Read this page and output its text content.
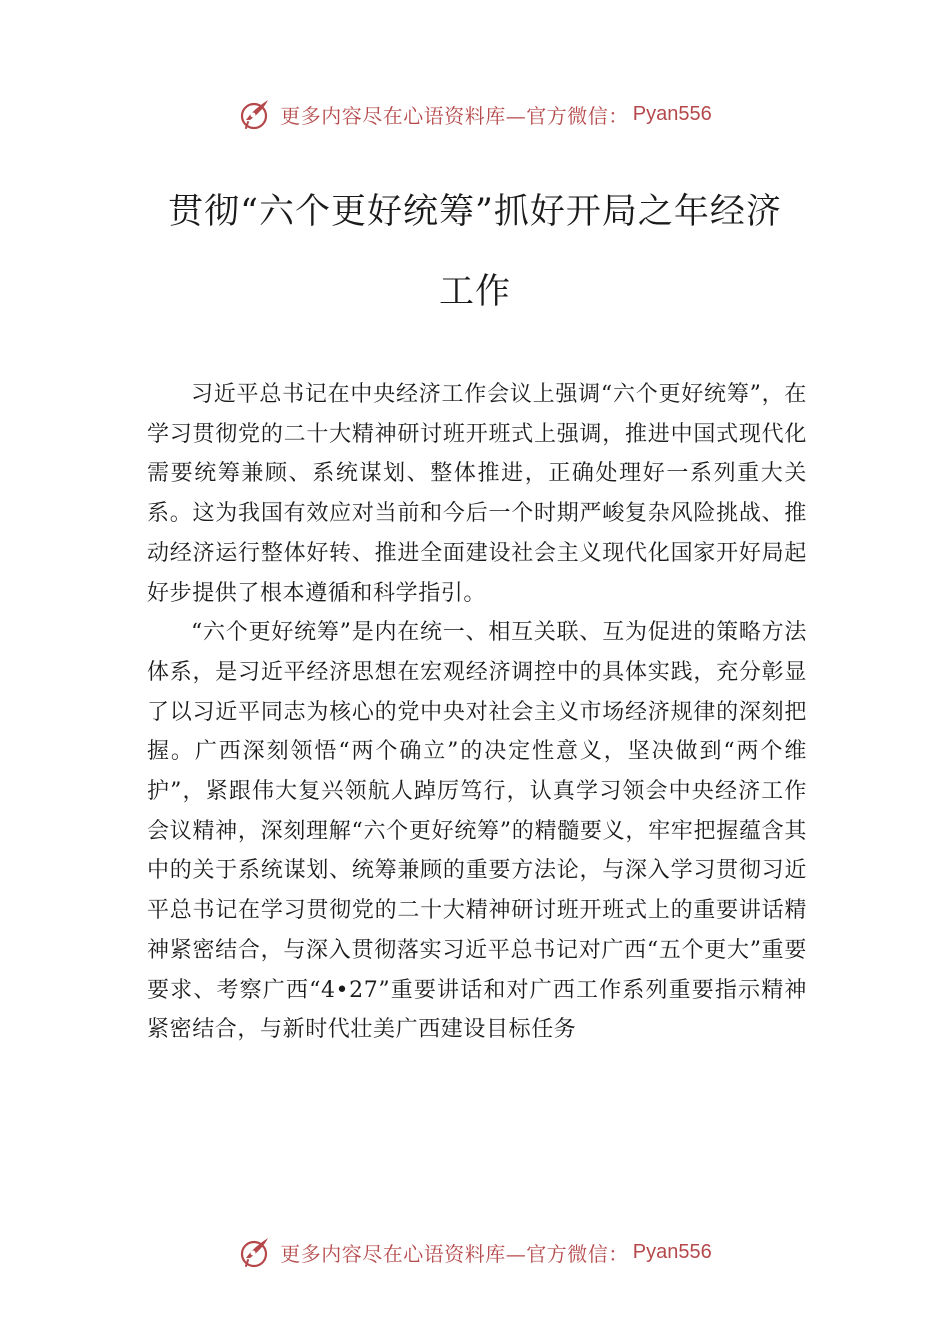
更多内容尽在心语资料库—官方微信： Pyan556
贯彻“六个更好统筹”抓好开局之年经济
工作

习近平总书记在中央经济工作会议上强调“六个更好统筹”，在学习贯彻党的二十大精神研讨班开班式上强调，推进中国式现代化需要统筹兼顾、系统谋划、整体推进，正确处理好一系列重大关系。这为我国有效应对当前和今后一个时期严峻复杂风险挑战、推动经济运行整体好转、推进全面建设社会主义现代化国家开好局起好步提供了根本遵循和科学指引。

“六个更好统筹”是内在统一、相互关联、互为促进的策略方法体系，是习近平经济思想在宏观经济调控中的具体实践，充分彰显了以习近平同志为核心的党中央对社会主义市场经济规律的深刻把握。广西深刻领悟“两个确立”的决定性意义，坚决做到“两个维护”，紧跟伟大复兴领航人踔厉笃行，认真学习领会中央经济工作会议精神，深刻理解“六个更好统筹”的精髓要义，牢牢把握蕴含其中的关于系统谋划、统筹兼顾的重要方法论，与深入学习贯彻习近平总书记在学习贯彻党的二十大精神研讨班开班式上的重要讲话精神紧密结合，与深入贯彻落实习近平总书记对广西“五个更大”重要要求、考察广西“4•27”重要讲话和对广西工作系列重要指示精神紧密结合，与新时代壮美广西建设目标任务

更多内容尽在心语资料库—官方微信： Pyan556
